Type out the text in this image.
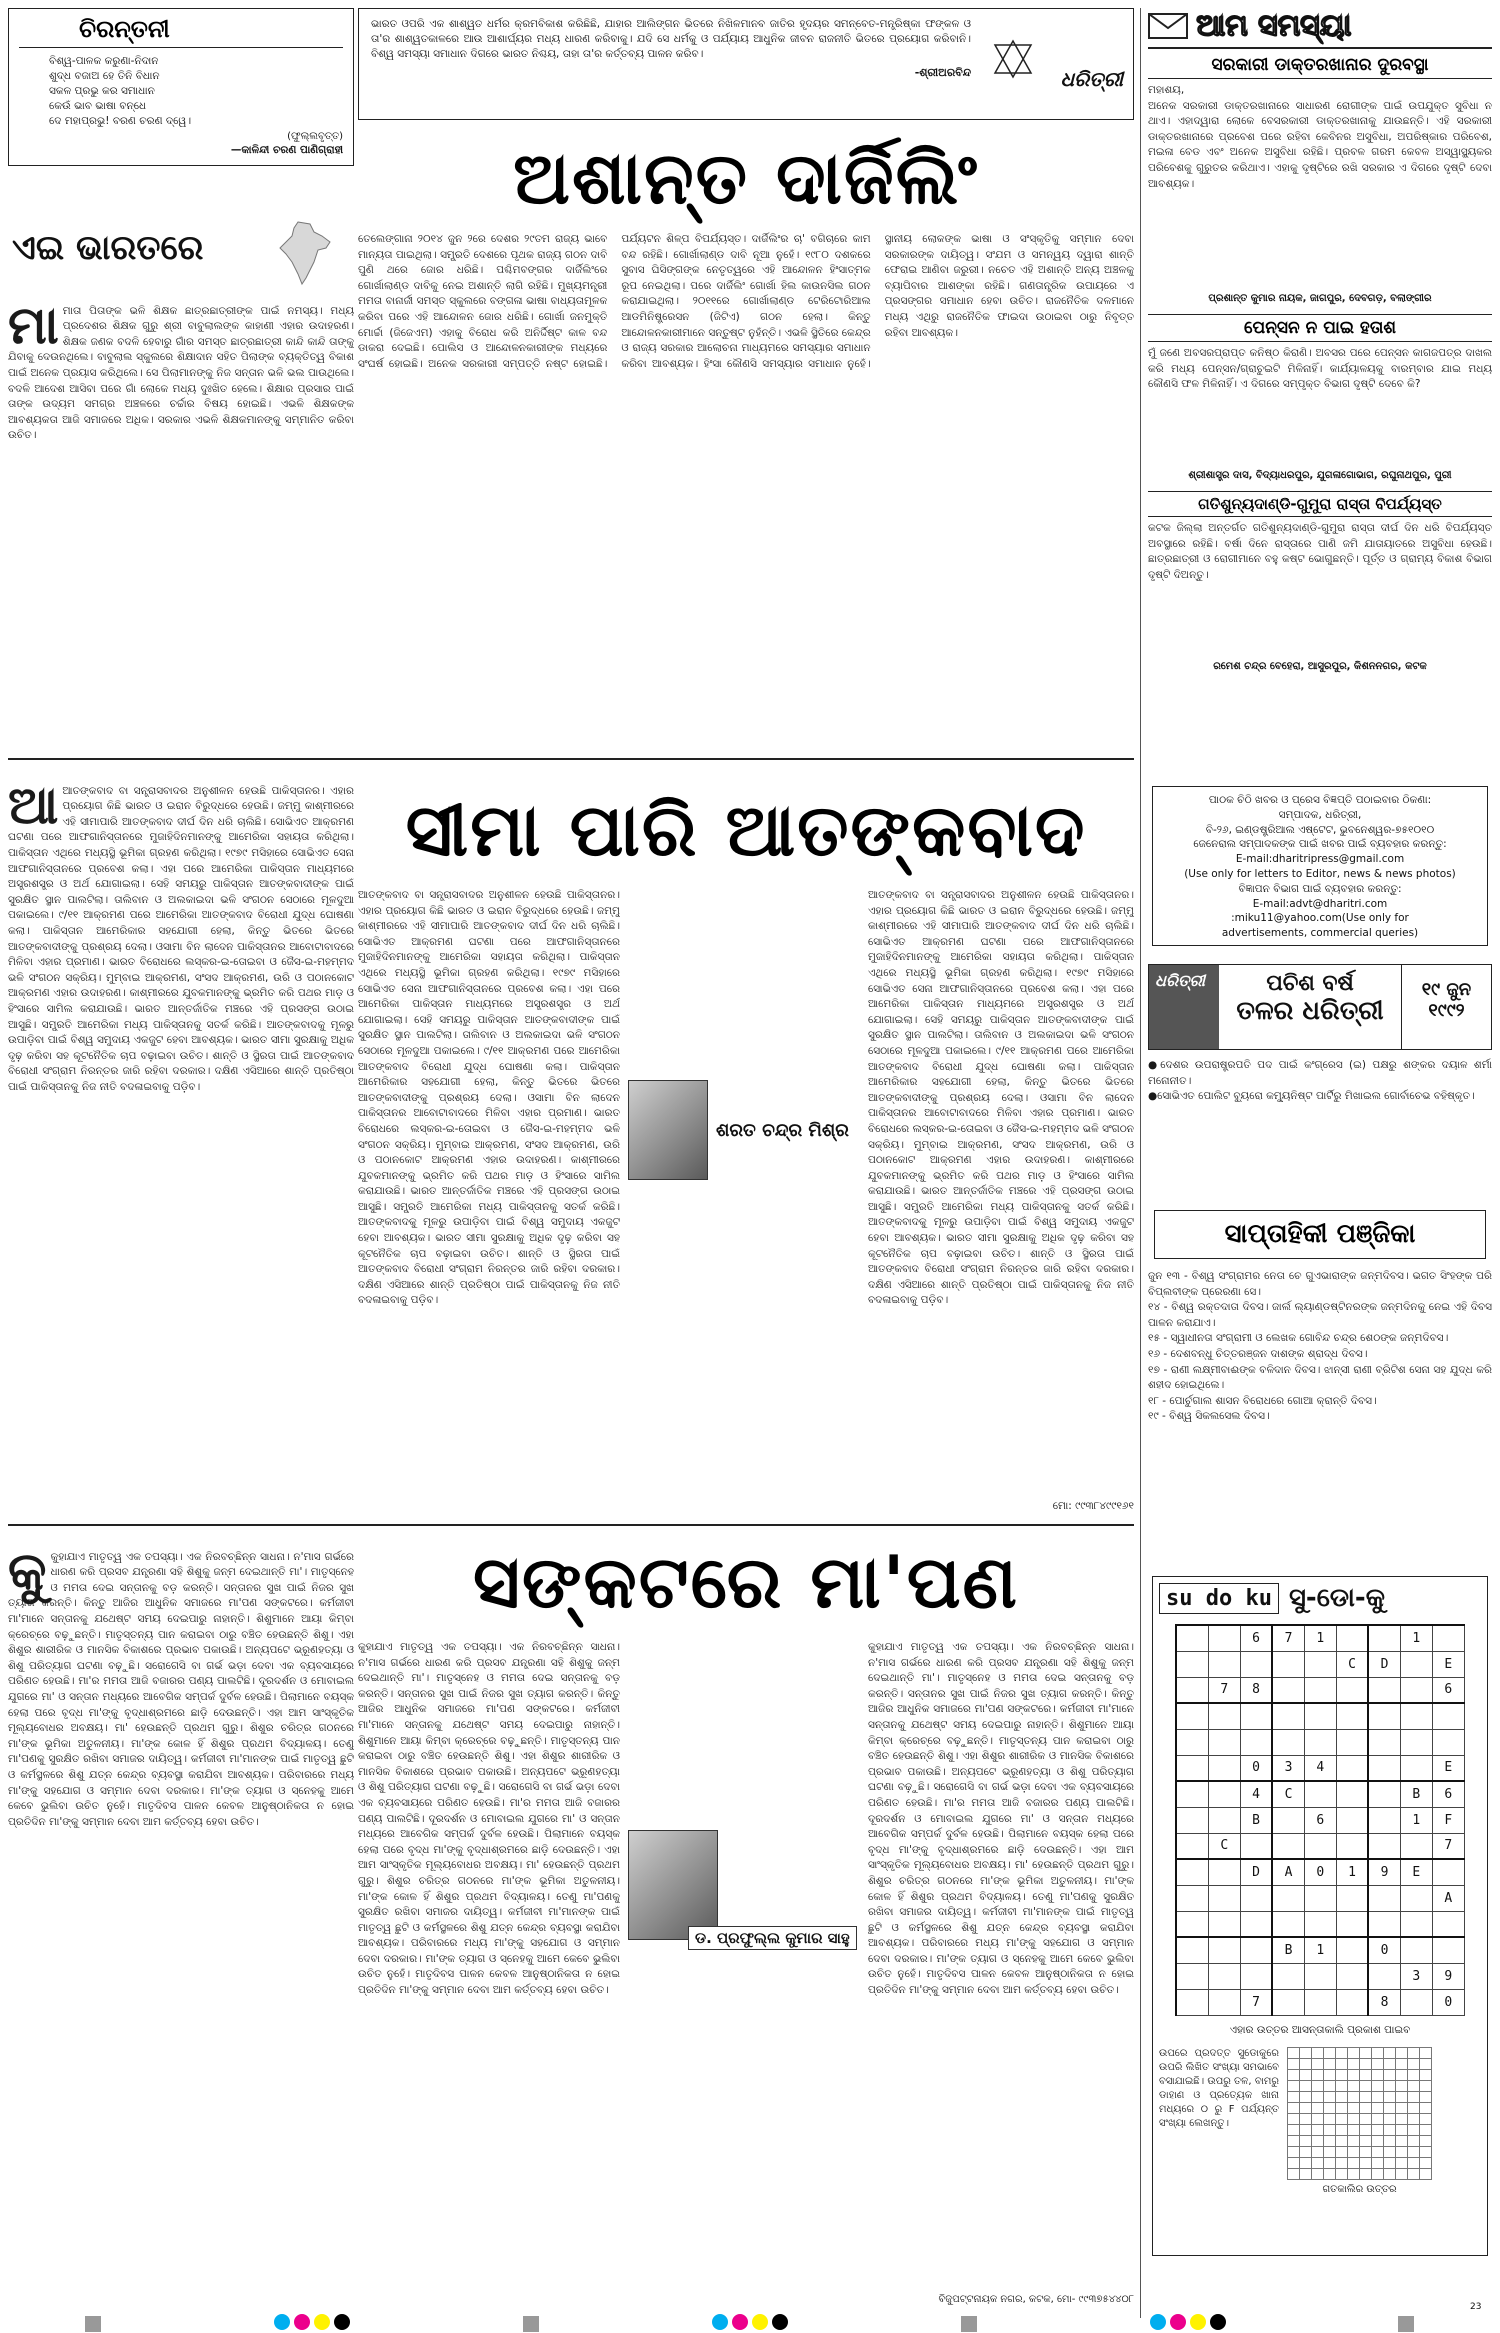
ଚିରନ୍ତନୀ
ବିଶ୍ୱ-ପାଳକ କରୁଣା-ନିଦାନ
ଶୁଦ୍ଧ ବଜାଅ ହେ ତିନି ବିଧାନ
ସକଳ ପ୍ରଭୁ କର ସମାଧାନ
କେଉଁ ଭାବ ଭାଷା ବନ୍ଧେ
ଦେ ମହାପ୍ରଭୁ! ବରଣ ଚରଣ ଦ୍ୱେ।
(ଫୁଲ୍ଲବୃତ୍ତ)
—କାଳିନ୍ଦୀ ଚରଣ ପାଣିଗ୍ରାହୀ
ଭାରତ ଓପରି ଏକ ଶାଶ୍ୱତ ଧର୍ମର କ୍ରମବିକାଶ କରିଛିଛି, ଯାହାର ଆଲିଙ୍ଗନ ଭିତରେ ନିଖିଳମାନବ ଜାତିର ହୃଦୟର ସମନ୍ବେତ-ମନ୍ତ୍ରିଷ୍କା ଫଙ୍କଳ ଓ ତା'ର ଶାଶ୍ୱତକାଳରେ ଆଉ ଆଶାର୍ଘ୍ୟର ମଧ୍ୟ ଧାରଣ କରିବାକୁ। ଯଦି ସେ ଧର୍ମକୁ ଓ ପର୍ଯ୍ୟାୟ ଆଧୁନିକ ଜୀବନ ରାଜନୀତି ଭିତରେ ପ୍ରୟୋଗ କରିବାନି। ବିଶ୍ୱ ସମସ୍ୟା ସମାଧାନ ଦିଗରେ ଭାରତ ନିଶ୍ଚୟ, ତାହା ତା'ର କର୍ତ୍ତବ୍ୟ ପାଳନ କରିବ।
-ଶ୍ରୀଅରବିନ୍ଦ	ଧରିତ୍ରୀ
ଅଶାନ୍ତ ଦାର୍ଜିଲିଂ
ଏଇ ଭାରତରେ

ମାମାତା ପିତାଙ୍କ ଭଳି ଶିକ୍ଷକ ଛାତ୍ରଛାତ୍ରୀଙ୍କ ପାଇଁ ନମସ୍ୟ। ମଧ୍ୟ ପ୍ରଦେଶର ଶିକ୍ଷକ ଗୁରୁ ଶ୍ରୀ ବାବୁଲାଲଙ୍କ କାହାଣୀ ଏହାର ଉଦାହରଣ। ଶିକ୍ଷକ ଜଣକ ବଦଳି ହେବାରୁ ଗାଁର ସମସ୍ତ ଛାତ୍ରଛାତ୍ରୀ କାନ୍ଦି କାନ୍ଦି ତାଙ୍କୁ ଯିବାକୁ ଦେଉନଥିଲେ। ବାବୁଲାଲ ସ୍କୁଲରେ ଶିକ୍ଷାଦାନ ସହିତ ପିଲାଙ୍କ ବ୍ୟକ୍ତିତ୍ୱ ବିକାଶ ପାଇଁ ଅନେକ ପ୍ରୟାସ କରିଥିଲେ। ସେ ପିଲାମାନଙ୍କୁ ନିଜ ସନ୍ତାନ ଭଳି ଭଲ ପାଉଥିଲେ। ବଦଳି ଆଦେଶ ଆସିବା ପରେ ଗାଁ ଲୋକେ ମଧ୍ୟ ଦୁଃଖିତ ହେଲେ। ଶିକ୍ଷାର ପ୍ରସାର ପାଇଁ ତାଙ୍କ ଉଦ୍ୟମ ସମଗ୍ର ଅଞ୍ଚଳରେ ଚର୍ଚ୍ଚାର ବିଷୟ ହୋଇଛି। ଏଭଳି ଶିକ୍ଷକଙ୍କ ଆବଶ୍ୟକତା ଆଜି ସମାଜରେ ଅଧିକ। ସରକାର ଏଭଳି ଶିକ୍ଷକମାନଙ୍କୁ ସମ୍ମାନିତ କରିବା ଉଚିତ।

ତେଲେଙ୍ଗାନା ୨୦୧୪ ଜୁନ ୨ରେ ଦେଶର ୨୯ତମ ରାଜ୍ୟ ଭାବେ ମାନ୍ୟତା ପାଇଥିଲା। ସମ୍ପ୍ରତି ଦେଶରେ ପୃଥକ ରାଜ୍ୟ ଗଠନ ଦାବି ପୁଣି ଥରେ ଜୋର ଧରିଛି। ପଶ୍ଚିମବଙ୍ଗର ଦାର୍ଜିଲିଂରେ ଗୋର୍ଖାଲାଣ୍ଡ ଦାବିକୁ ନେଇ ଅଶାନ୍ତି ଲାଗି ରହିଛି। ମୁଖ୍ୟମନ୍ତ୍ରୀ ମମତା ବାନାର୍ଜୀ ସମସ୍ତ ସ୍କୁଲରେ ବଙ୍ଗଳା ଭାଷା ବାଧ୍ୟତାମୂଳକ କରିବା ପରେ ଏହି ଆନ୍ଦୋଳନ ଜୋର ଧରିଛି। ଗୋର୍ଖା ଜନମୁକ୍ତି ମୋର୍ଚ୍ଚା (ଜିଜେଏମ) ଏହାକୁ ବିରୋଧ କରି ଅନିର୍ଦ୍ଦିଷ୍ଟ କାଳ ବନ୍ଦ ଡାକରା ଦେଇଛି। ପୋଲିସ ଓ ଆନ୍ଦୋଳନକାରୀଙ୍କ ମଧ୍ୟରେ ସଂଘର୍ଷ ହୋଇଛି। ଅନେକ ସରକାରୀ ସମ୍ପତ୍ତି ନଷ୍ଟ ହୋଇଛି। ପର୍ଯ୍ୟଟନ ଶିଳ୍ପ ବିପର୍ଯ୍ୟସ୍ତ। ଦାର୍ଜିଲିଂର ଚା' ବଗିଚାରେ କାମ ବନ୍ଦ ରହିଛି। ଗୋର୍ଖାଲାଣ୍ଡ ଦାବି ନୂଆ ନୁହେଁ। ୧୯୮୦ ଦଶକରେ ସୁବାସ ଘିସିଙ୍ଗଙ୍କ ନେତୃତ୍ୱରେ ଏହି ଆନ୍ଦୋଳନ ହିଂସାତ୍ମକ ରୂପ ନେଇଥିଲା। ପରେ ଦାର୍ଜିଲିଂ ଗୋର୍ଖା ହିଲ କାଉନସିଲ ଗଠନ କରାଯାଇଥିଲା। ୨୦୧୧ରେ ଗୋର୍ଖାଲାଣ୍ଡ ଟେରିଟୋରିଆଲ ଆଡମିନିଷ୍ଟ୍ରେସନ (ଜିଟିଏ) ଗଠନ ହେଲା। କିନ୍ତୁ ଆନ୍ଦୋଳନକାରୀମାନେ ସନ୍ତୁଷ୍ଟ ନୁହଁନ୍ତି। ଏଭଳି ସ୍ଥିତିରେ କେନ୍ଦ୍ର ଓ ରାଜ୍ୟ ସରକାର ଆଲୋଚନା ମାଧ୍ୟମରେ ସମସ୍ୟାର ସମାଧାନ କରିବା ଆବଶ୍ୟକ। ହିଂସା କୌଣସି ସମସ୍ୟାର ସମାଧାନ ନୁହେଁ। ସ୍ଥାନୀୟ ଲୋକଙ୍କ ଭାଷା ଓ ସଂସ୍କୃତିକୁ ସମ୍ମାନ ଦେବା ସରକାରଙ୍କ ଦାୟିତ୍ୱ। ସଂଯମ ଓ ସମନ୍ୱୟ ଦ୍ୱାରା ଶାନ୍ତି ଫେରାଇ ଆଣିବା ଜରୁରୀ। ନଚେତ ଏହି ଅଶାନ୍ତି ଅନ୍ୟ ଅଞ୍ଚଳକୁ ବ୍ୟାପିବାର ଆଶଙ୍କା ରହିଛି। ଗଣତାନ୍ତ୍ରିକ ଉପାୟରେ ଏ ପ୍ରସଙ୍ଗର ସମାଧାନ ହେବା ଉଚିତ। ରାଜନୈତିକ ଦଳମାନେ ମଧ୍ୟ ଏଥିରୁ ରାଜନୈତିକ ଫାଇଦା ଉଠାଇବା ଠାରୁ ନିବୃତ୍ତ ରହିବା ଆବଶ୍ୟକ।

ଆଆତଙ୍କବାଦ ବା ସନ୍ତ୍ରାସବାଦର ଅନୁଶୀଳନ ହେଉଛି ପାକିସ୍ତାନର। ଏହାର ପ୍ରୟୋଗ କିଛି ଭାରତ ଓ ଇରାନ ବିରୁଦ୍ଧରେ ହେଉଛି। ଜମ୍ମୁ କାଶ୍ମୀରରେ ଏହି ସୀମାପାରି ଆତଙ୍କବାଦ ଦୀର୍ଘ ଦିନ ଧରି ଚାଲିଛି। ସୋଭିଏତ ଆକ୍ରମଣ ଘଟଣା ପରେ ଆଫଗାନିସ୍ତାନରେ ମୁଜାହିଦିନମାନଙ୍କୁ ଆମେରିକା ସହାୟତା କରିଥିଲା। ପାକିସ୍ତାନ ଏଥିରେ ମଧ୍ୟସ୍ଥି ଭୂମିକା ଗ୍ରହଣ କରିଥିଲା। ୧୯୭୯ ମସିହାରେ ସୋଭିଏତ ସେନା ଆଫଗାନିସ୍ତାନରେ ପ୍ରବେଶ କଲା। ଏହା ପରେ ଆମେରିକା ପାକିସ୍ତାନ ମାଧ୍ୟମରେ ଅସ୍ତ୍ରଶସ୍ତ୍ର ଓ ଅର୍ଥ ଯୋଗାଇଲା। ସେହି ସମୟରୁ ପାକିସ୍ତାନ ଆତଙ୍କବାଦୀଙ୍କ ପାଇଁ ସୁରକ୍ଷିତ ସ୍ଥାନ ପାଲଟିଲା। ତାଲିବାନ ଓ ଅଲକାଇଦା ଭଳି ସଂଗଠନ ସେଠାରେ ମୂଳଦୁଆ ପକାଇଲେ। ୯/୧୧ ଆକ୍ରମଣ ପରେ ଆମେରିକା ଆତଙ୍କବାଦ ବିରୋଧୀ ଯୁଦ୍ଧ ଘୋଷଣା କଲା। ପାକିସ୍ତାନ ଆମେରିକାର ସହଯୋଗୀ ହେଲା, କିନ୍ତୁ ଭିତରେ ଭିତରେ ଆତଙ୍କବାଦୀଙ୍କୁ ପ୍ରଶ୍ରୟ ଦେଲା। ଓସାମା ବିନ ଲାଦେନ ପାକିସ୍ତାନର ଆବୋଟାବାଦରେ ମିଳିବା ଏହାର ପ୍ରମାଣ। ଭାରତ ବିରୋଧରେ ଲସ୍କର-ଇ-ତୋଇବା ଓ ଜୈସ-ଇ-ମହମ୍ମଦ ଭଳି ସଂଗଠନ ସକ୍ରିୟ। ମୁମ୍ବାଇ ଆକ୍ରମଣ, ସଂସଦ ଆକ୍ରମଣ, ଉରି ଓ ପଠାନକୋଟ ଆକ୍ରମଣ ଏହାର ଉଦାହରଣ। କାଶ୍ମୀରରେ ଯୁବକମାନଙ୍କୁ ଭ୍ରମିତ କରି ପଥର ମାଡ଼ ଓ ହିଂସାରେ ସାମିଲ କରାଯାଉଛି। ଭାରତ ଆନ୍ତର୍ଜାତିକ ମଞ୍ଚରେ ଏହି ପ୍ରସଙ୍ଗ ଉଠାଇ ଆସୁଛି। ସମ୍ପ୍ରତି ଆମେରିକା ମଧ୍ୟ ପାକିସ୍ତାନକୁ ସତର୍କ କରିଛି। ଆତଙ୍କବାଦକୁ ମୂଳରୁ ଉପାଡ଼ିବା ପାଇଁ ବିଶ୍ୱ ସମୁଦାୟ ଏକଜୁଟ ହେବା ଆବଶ୍ୟକ। ଭାରତ ସୀମା ସୁରକ୍ଷାକୁ ଅଧିକ ଦୃଢ଼ କରିବା ସହ କୂଟନୈତିକ ଚାପ ବଢ଼ାଇବା ଉଚିତ। ଶାନ୍ତି ଓ ସ୍ଥିରତା ପାଇଁ ଆତଙ୍କବାଦ ବିରୋଧୀ ସଂଗ୍ରାମ ନିରନ୍ତର ଜାରି ରହିବା ଦରକାର। ଦକ୍ଷିଣ ଏସିଆରେ ଶାନ୍ତି ପ୍ରତିଷ୍ଠା ପାଇଁ ପାକିସ୍ତାନକୁ ନିଜ ନୀତି ବଦଳାଇବାକୁ ପଡ଼ିବ।

ସୀମା ପାରି ଆତଙ୍କବାଦ
ଆତଙ୍କବାଦ ବା ସନ୍ତ୍ରାସବାଦର ଅନୁଶୀଳନ ହେଉଛି ପାକିସ୍ତାନର। ଏହାର ପ୍ରୟୋଗ କିଛି ଭାରତ ଓ ଇରାନ ବିରୁଦ୍ଧରେ ହେଉଛି। ଜମ୍ମୁ କାଶ୍ମୀରରେ ଏହି ସୀମାପାରି ଆତଙ୍କବାଦ ଦୀର୍ଘ ଦିନ ଧରି ଚାଲିଛି। ସୋଭିଏତ ଆକ୍ରମଣ ଘଟଣା ପରେ ଆଫଗାନିସ୍ତାନରେ ମୁଜାହିଦିନମାନଙ୍କୁ ଆମେରିକା ସହାୟତା କରିଥିଲା। ପାକିସ୍ତାନ ଏଥିରେ ମଧ୍ୟସ୍ଥି ଭୂମିକା ଗ୍ରହଣ କରିଥିଲା। ୧୯୭୯ ମସିହାରେ ସୋଭିଏତ ସେନା ଆଫଗାନିସ୍ତାନରେ ପ୍ରବେଶ କଲା। ଏହା ପରେ ଆମେରିକା ପାକିସ୍ତାନ ମାଧ୍ୟମରେ ଅସ୍ତ୍ରଶସ୍ତ୍ର ଓ ଅର୍ଥ ଯୋଗାଇଲା। ସେହି ସମୟରୁ ପାକିସ୍ତାନ ଆତଙ୍କବାଦୀଙ୍କ ପାଇଁ ସୁରକ୍ଷିତ ସ୍ଥାନ ପାଲଟିଲା। ତାଲିବାନ ଓ ଅଲକାଇଦା ଭଳି ସଂଗଠନ ସେଠାରେ ମୂଳଦୁଆ ପକାଇଲେ। ୯/୧୧ ଆକ୍ରମଣ ପରେ ଆମେରିକା ଆତଙ୍କବାଦ ବିରୋଧୀ ଯୁଦ୍ଧ ଘୋଷଣା କଲା। ପାକିସ୍ତାନ ଆମେରିକାର ସହଯୋଗୀ ହେଲା, କିନ୍ତୁ ଭିତରେ ଭିତରେ ଆତଙ୍କବାଦୀଙ୍କୁ ପ୍ରଶ୍ରୟ ଦେଲା। ଓସାମା ବିନ ଲାଦେନ ପାକିସ୍ତାନର ଆବୋଟାବାଦରେ ମିଳିବା ଏହାର ପ୍ରମାଣ। ଭାରତ ବିରୋଧରେ ଲସ୍କର-ଇ-ତୋଇବା ଓ ଜୈସ-ଇ-ମହମ୍ମଦ ଭଳି ସଂଗଠନ ସକ୍ରିୟ। ମୁମ୍ବାଇ ଆକ୍ରମଣ, ସଂସଦ ଆକ୍ରମଣ, ଉରି ଓ ପଠାନକୋଟ ଆକ୍ରମଣ ଏହାର ଉଦାହରଣ। କାଶ୍ମୀରରେ ଯୁବକମାନଙ୍କୁ ଭ୍ରମିତ କରି ପଥର ମାଡ଼ ଓ ହିଂସାରେ ସାମିଲ କରାଯାଉଛି। ଭାରତ ଆନ୍ତର୍ଜାତିକ ମଞ୍ଚରେ ଏହି ପ୍ରସଙ୍ଗ ଉଠାଇ ଆସୁଛି। ସମ୍ପ୍ରତି ଆମେରିକା ମଧ୍ୟ ପାକିସ୍ତାନକୁ ସତର୍କ କରିଛି। ଆତଙ୍କବାଦକୁ ମୂଳରୁ ଉପାଡ଼ିବା ପାଇଁ ବିଶ୍ୱ ସମୁଦାୟ ଏକଜୁଟ ହେବା ଆବଶ୍ୟକ। ଭାରତ ସୀମା ସୁରକ୍ଷାକୁ ଅଧିକ ଦୃଢ଼ କରିବା ସହ କୂଟନୈତିକ ଚାପ ବଢ଼ାଇବା ଉଚିତ। ଶାନ୍ତି ଓ ସ୍ଥିରତା ପାଇଁ ଆତଙ୍କବାଦ ବିରୋଧୀ ସଂଗ୍ରାମ ନିରନ୍ତର ଜାରି ରହିବା ଦରକାର। ଦକ୍ଷିଣ ଏସିଆରେ ଶାନ୍ତି ପ୍ରତିଷ୍ଠା ପାଇଁ ପାକିସ୍ତାନକୁ ନିଜ ନୀତି ବଦଳାଇବାକୁ ପଡ଼ିବ।
ଶରତ ଚନ୍ଦ୍ର ମିଶ୍ର
ଆତଙ୍କବାଦ ବା ସନ୍ତ୍ରାସବାଦର ଅନୁଶୀଳନ ହେଉଛି ପାକିସ୍ତାନର। ଏହାର ପ୍ରୟୋଗ କିଛି ଭାରତ ଓ ଇରାନ ବିରୁଦ୍ଧରେ ହେଉଛି। ଜମ୍ମୁ କାଶ୍ମୀରରେ ଏହି ସୀମାପାରି ଆତଙ୍କବାଦ ଦୀର୍ଘ ଦିନ ଧରି ଚାଲିଛି। ସୋଭିଏତ ଆକ୍ରମଣ ଘଟଣା ପରେ ଆଫଗାନିସ୍ତାନରେ ମୁଜାହିଦିନମାନଙ୍କୁ ଆମେରିକା ସହାୟତା କରିଥିଲା। ପାକିସ୍ତାନ ଏଥିରେ ମଧ୍ୟସ୍ଥି ଭୂମିକା ଗ୍ରହଣ କରିଥିଲା। ୧୯୭୯ ମସିହାରେ ସୋଭିଏତ ସେନା ଆଫଗାନିସ୍ତାନରେ ପ୍ରବେଶ କଲା। ଏହା ପରେ ଆମେରିକା ପାକିସ୍ତାନ ମାଧ୍ୟମରେ ଅସ୍ତ୍ରଶସ୍ତ୍ର ଓ ଅର୍ଥ ଯୋଗାଇଲା। ସେହି ସମୟରୁ ପାକିସ୍ତାନ ଆତଙ୍କବାଦୀଙ୍କ ପାଇଁ ସୁରକ୍ଷିତ ସ୍ଥାନ ପାଲଟିଲା। ତାଲିବାନ ଓ ଅଲକାଇଦା ଭଳି ସଂଗଠନ ସେଠାରେ ମୂଳଦୁଆ ପକାଇଲେ। ୯/୧୧ ଆକ୍ରମଣ ପରେ ଆମେରିକା ଆତଙ୍କବାଦ ବିରୋଧୀ ଯୁଦ୍ଧ ଘୋଷଣା କଲା। ପାକିସ୍ତାନ ଆମେରିକାର ସହଯୋଗୀ ହେଲା, କିନ୍ତୁ ଭିତରେ ଭିତରେ ଆତଙ୍କବାଦୀଙ୍କୁ ପ୍ରଶ୍ରୟ ଦେଲା। ଓସାମା ବିନ ଲାଦେନ ପାକିସ୍ତାନର ଆବୋଟାବାଦରେ ମିଳିବା ଏହାର ପ୍ରମାଣ। ଭାରତ ବିରୋଧରେ ଲସ୍କର-ଇ-ତୋଇବା ଓ ଜୈସ-ଇ-ମହମ୍ମଦ ଭଳି ସଂଗଠନ ସକ୍ରିୟ। ମୁମ୍ବାଇ ଆକ୍ରମଣ, ସଂସଦ ଆକ୍ରମଣ, ଉରି ଓ ପଠାନକୋଟ ଆକ୍ରମଣ ଏହାର ଉଦାହରଣ। କାଶ୍ମୀରରେ ଯୁବକମାନଙ୍କୁ ଭ୍ରମିତ କରି ପଥର ମାଡ଼ ଓ ହିଂସାରେ ସାମିଲ କରାଯାଉଛି। ଭାରତ ଆନ୍ତର୍ଜାତିକ ମଞ୍ଚରେ ଏହି ପ୍ରସଙ୍ଗ ଉଠାଇ ଆସୁଛି। ସମ୍ପ୍ରତି ଆମେରିକା ମଧ୍ୟ ପାକିସ୍ତାନକୁ ସତର୍କ କରିଛି। ଆତଙ୍କବାଦକୁ ମୂଳରୁ ଉପାଡ଼ିବା ପାଇଁ ବିଶ୍ୱ ସମୁଦାୟ ଏକଜୁଟ ହେବା ଆବଶ୍ୟକ। ଭାରତ ସୀମା ସୁରକ୍ଷାକୁ ଅଧିକ ଦୃଢ଼ କରିବା ସହ କୂଟନୈତିକ ଚାପ ବଢ଼ାଇବା ଉଚିତ। ଶାନ୍ତି ଓ ସ୍ଥିରତା ପାଇଁ ଆତଙ୍କବାଦ ବିରୋଧୀ ସଂଗ୍ରାମ ନିରନ୍ତର ଜାରି ରହିବା ଦରକାର। ଦକ୍ଷିଣ ଏସିଆରେ ଶାନ୍ତି ପ୍ରତିଷ୍ଠା ପାଇଁ ପାକିସ୍ତାନକୁ ନିଜ ନୀତି ବଦଳାଇବାକୁ ପଡ଼ିବ।
ମୋ: ୯୯୩୮୪୯୯୧୬୧

କୁକୁହାଯାଏ ମାତୃତ୍ୱ ଏକ ତପସ୍ୟା। ଏକ ନିରବଚ୍ଛିନ୍ନ ସାଧନା। ନ'ମାସ ଗର୍ଭରେ ଧାରଣ କରି ପ୍ରସବ ଯନ୍ତ୍ରଣା ସହି ଶିଶୁକୁ ଜନ୍ମ ଦେଇଥାନ୍ତି ମା'। ମାତୃସ୍ନେହ ଓ ମମତା ଦେଇ ସନ୍ତାନକୁ ବଡ଼ କରନ୍ତି। ସନ୍ତାନର ସୁଖ ପାଇଁ ନିଜର ସୁଖ ତ୍ୟାଗ କରନ୍ତି। କିନ୍ତୁ ଆଜିର ଆଧୁନିକ ସମାଜରେ ମା'ପଣ ସଙ୍କଟରେ। କର୍ମଜୀବୀ ମା'ମାନେ ସନ୍ତାନକୁ ଯଥେଷ୍ଟ ସମୟ ଦେଇପାରୁ ନାହାନ୍ତି। ଶିଶୁମାନେ ଆୟା କିମ୍ବା କ୍ରେଚ୍‌ରେ ବଢ଼ୁଛନ୍ତି। ମାତୃସ୍ତନ୍ୟ ପାନ କରାଇବା ଠାରୁ ବଞ୍ଚିତ ହେଉଛନ୍ତି ଶିଶୁ। ଏହା ଶିଶୁର ଶାରୀରିକ ଓ ମାନସିକ ବିକାଶରେ ପ୍ରଭାବ ପକାଉଛି। ଅନ୍ୟପଟେ ଭ୍ରୂଣହତ୍ୟା ଓ ଶିଶୁ ପରିତ୍ୟାଗ ଘଟଣା ବଢ଼ୁଛି। ସରୋଗେସି ବା ଗର୍ଭ ଭଡ଼ା ଦେବା ଏକ ବ୍ୟବସାୟରେ ପରିଣତ ହେଉଛି। ମା'ର ମମତା ଆଜି ବଜାରର ପଣ୍ୟ ପାଲଟିଛି। ଦୂରଦର୍ଶନ ଓ ମୋବାଇଲ ଯୁଗରେ ମା' ଓ ସନ୍ତାନ ମଧ୍ୟରେ ଆବେଗିକ ସମ୍ପର୍କ ଦୁର୍ବଳ ହେଉଛି। ପିଲାମାନେ ବୟସ୍କ ହେଲା ପରେ ବୃଦ୍ଧ ମା'ଙ୍କୁ ବୃଦ୍ଧାଶ୍ରମରେ ଛାଡ଼ି ଦେଉଛନ୍ତି। ଏହା ଆମ ସାଂସ୍କୃତିକ ମୂଲ୍ୟବୋଧର ଅବକ୍ଷୟ। ମା' ହେଉଛନ୍ତି ପ୍ରଥମ ଗୁରୁ। ଶିଶୁର ଚରିତ୍ର ଗଠନରେ ମା'ଙ୍କ ଭୂମିକା ଅତୁଳନୀୟ। ମା'ଙ୍କ କୋଳ ହିଁ ଶିଶୁର ପ୍ରଥମ ବିଦ୍ୟାଳୟ। ତେଣୁ ମା'ପଣକୁ ସୁରକ୍ଷିତ ରଖିବା ସମାଜର ଦାୟିତ୍ୱ। କର୍ମଜୀବୀ ମା'ମାନଙ୍କ ପାଇଁ ମାତୃତ୍ୱ ଛୁଟି ଓ କର୍ମସ୍ଥଳରେ ଶିଶୁ ଯତ୍ନ କେନ୍ଦ୍ର ବ୍ୟବସ୍ଥା କରାଯିବା ଆବଶ୍ୟକ। ପରିବାରରେ ମଧ୍ୟ ମା'ଙ୍କୁ ସହଯୋଗ ଓ ସମ୍ମାନ ଦେବା ଦରକାର। ମା'ଙ୍କ ତ୍ୟାଗ ଓ ସ୍ନେହକୁ ଆମେ କେବେ ଭୁଲିବା ଉଚିତ ନୁହେଁ। ମାତୃଦିବସ ପାଳନ କେବଳ ଆନୁଷ୍ଠାନିକତା ନ ହୋଇ ପ୍ରତିଦିନ ମା'ଙ୍କୁ ସମ୍ମାନ ଦେବା ଆମ କର୍ତ୍ତବ୍ୟ ହେବା ଉଚିତ।

ସଙ୍କଟରେ ମା'ପଣ
କୁହାଯାଏ ମାତୃତ୍ୱ ଏକ ତପସ୍ୟା। ଏକ ନିରବଚ୍ଛିନ୍ନ ସାଧନା। ନ'ମାସ ଗର୍ଭରେ ଧାରଣ କରି ପ୍ରସବ ଯନ୍ତ୍ରଣା ସହି ଶିଶୁକୁ ଜନ୍ମ ଦେଇଥାନ୍ତି ମା'। ମାତୃସ୍ନେହ ଓ ମମତା ଦେଇ ସନ୍ତାନକୁ ବଡ଼ କରନ୍ତି। ସନ୍ତାନର ସୁଖ ପାଇଁ ନିଜର ସୁଖ ତ୍ୟାଗ କରନ୍ତି। କିନ୍ତୁ ଆଜିର ଆଧୁନିକ ସମାଜରେ ମା'ପଣ ସଙ୍କଟରେ। କର୍ମଜୀବୀ ମା'ମାନେ ସନ୍ତାନକୁ ଯଥେଷ୍ଟ ସମୟ ଦେଇପାରୁ ନାହାନ୍ତି। ଶିଶୁମାନେ ଆୟା କିମ୍ବା କ୍ରେଚ୍‌ରେ ବଢ଼ୁଛନ୍ତି। ମାତୃସ୍ତନ୍ୟ ପାନ କରାଇବା ଠାରୁ ବଞ୍ଚିତ ହେଉଛନ୍ତି ଶିଶୁ। ଏହା ଶିଶୁର ଶାରୀରିକ ଓ ମାନସିକ ବିକାଶରେ ପ୍ରଭାବ ପକାଉଛି। ଅନ୍ୟପଟେ ଭ୍ରୂଣହତ୍ୟା ଓ ଶିଶୁ ପରିତ୍ୟାଗ ଘଟଣା ବଢ଼ୁଛି। ସରୋଗେସି ବା ଗର୍ଭ ଭଡ଼ା ଦେବା ଏକ ବ୍ୟବସାୟରେ ପରିଣତ ହେଉଛି। ମା'ର ମମତା ଆଜି ବଜାରର ପଣ୍ୟ ପାଲଟିଛି। ଦୂରଦର୍ଶନ ଓ ମୋବାଇଲ ଯୁଗରେ ମା' ଓ ସନ୍ତାନ ମଧ୍ୟରେ ଆବେଗିକ ସମ୍ପର୍କ ଦୁର୍ବଳ ହେଉଛି। ପିଲାମାନେ ବୟସ୍କ ହେଲା ପରେ ବୃଦ୍ଧ ମା'ଙ୍କୁ ବୃଦ୍ଧାଶ୍ରମରେ ଛାଡ଼ି ଦେଉଛନ୍ତି। ଏହା ଆମ ସାଂସ୍କୃତିକ ମୂଲ୍ୟବୋଧର ଅବକ୍ଷୟ। ମା' ହେଉଛନ୍ତି ପ୍ରଥମ ଗୁରୁ। ଶିଶୁର ଚରିତ୍ର ଗଠନରେ ମା'ଙ୍କ ଭୂମିକା ଅତୁଳନୀୟ। ମା'ଙ୍କ କୋଳ ହିଁ ଶିଶୁର ପ୍ରଥମ ବିଦ୍ୟାଳୟ। ତେଣୁ ମା'ପଣକୁ ସୁରକ୍ଷିତ ରଖିବା ସମାଜର ଦାୟିତ୍ୱ। କର୍ମଜୀବୀ ମା'ମାନଙ୍କ ପାଇଁ ମାତୃତ୍ୱ ଛୁଟି ଓ କର୍ମସ୍ଥଳରେ ଶିଶୁ ଯତ୍ନ କେନ୍ଦ୍ର ବ୍ୟବସ୍ଥା କରାଯିବା ଆବଶ୍ୟକ। ପରିବାରରେ ମଧ୍ୟ ମା'ଙ୍କୁ ସହଯୋଗ ଓ ସମ୍ମାନ ଦେବା ଦରକାର। ମା'ଙ୍କ ତ୍ୟାଗ ଓ ସ୍ନେହକୁ ଆମେ କେବେ ଭୁଲିବା ଉଚିତ ନୁହେଁ। ମାତୃଦିବସ ପାଳନ କେବଳ ଆନୁଷ୍ଠାନିକତା ନ ହୋଇ ପ୍ରତିଦିନ ମା'ଙ୍କୁ ସମ୍ମାନ ଦେବା ଆମ କର୍ତ୍ତବ୍ୟ ହେବା ଉଚିତ।
ଡ. ପ୍ରଫୁଲ୍ଲ କୁମାର ସାହୁ
କୁହାଯାଏ ମାତୃତ୍ୱ ଏକ ତପସ୍ୟା। ଏକ ନିରବଚ୍ଛିନ୍ନ ସାଧନା। ନ'ମାସ ଗର୍ଭରେ ଧାରଣ କରି ପ୍ରସବ ଯନ୍ତ୍ରଣା ସହି ଶିଶୁକୁ ଜନ୍ମ ଦେଇଥାନ୍ତି ମା'। ମାତୃସ୍ନେହ ଓ ମମତା ଦେଇ ସନ୍ତାନକୁ ବଡ଼ କରନ୍ତି। ସନ୍ତାନର ସୁଖ ପାଇଁ ନିଜର ସୁଖ ତ୍ୟାଗ କରନ୍ତି। କିନ୍ତୁ ଆଜିର ଆଧୁନିକ ସମାଜରେ ମା'ପଣ ସଙ୍କଟରେ। କର୍ମଜୀବୀ ମା'ମାନେ ସନ୍ତାନକୁ ଯଥେଷ୍ଟ ସମୟ ଦେଇପାରୁ ନାହାନ୍ତି। ଶିଶୁମାନେ ଆୟା କିମ୍ବା କ୍ରେଚ୍‌ରେ ବଢ଼ୁଛନ୍ତି। ମାତୃସ୍ତନ୍ୟ ପାନ କରାଇବା ଠାରୁ ବଞ୍ଚିତ ହେଉଛନ୍ତି ଶିଶୁ। ଏହା ଶିଶୁର ଶାରୀରିକ ଓ ମାନସିକ ବିକାଶରେ ପ୍ରଭାବ ପକାଉଛି। ଅନ୍ୟପଟେ ଭ୍ରୂଣହତ୍ୟା ଓ ଶିଶୁ ପରିତ୍ୟାଗ ଘଟଣା ବଢ଼ୁଛି। ସରୋଗେସି ବା ଗର୍ଭ ଭଡ଼ା ଦେବା ଏକ ବ୍ୟବସାୟରେ ପରିଣତ ହେଉଛି। ମା'ର ମମତା ଆଜି ବଜାରର ପଣ୍ୟ ପାଲଟିଛି। ଦୂରଦର୍ଶନ ଓ ମୋବାଇଲ ଯୁଗରେ ମା' ଓ ସନ୍ତାନ ମଧ୍ୟରେ ଆବେଗିକ ସମ୍ପର୍କ ଦୁର୍ବଳ ହେଉଛି। ପିଲାମାନେ ବୟସ୍କ ହେଲା ପରେ ବୃଦ୍ଧ ମା'ଙ୍କୁ ବୃଦ୍ଧାଶ୍ରମରେ ଛାଡ଼ି ଦେଉଛନ୍ତି। ଏହା ଆମ ସାଂସ୍କୃତିକ ମୂଲ୍ୟବୋଧର ଅବକ୍ଷୟ। ମା' ହେଉଛନ୍ତି ପ୍ରଥମ ଗୁରୁ। ଶିଶୁର ଚରିତ୍ର ଗଠନରେ ମା'ଙ୍କ ଭୂମିକା ଅତୁଳନୀୟ। ମା'ଙ୍କ କୋଳ ହିଁ ଶିଶୁର ପ୍ରଥମ ବିଦ୍ୟାଳୟ। ତେଣୁ ମା'ପଣକୁ ସୁରକ୍ଷିତ ରଖିବା ସମାଜର ଦାୟିତ୍ୱ। କର୍ମଜୀବୀ ମା'ମାନଙ୍କ ପାଇଁ ମାତୃତ୍ୱ ଛୁଟି ଓ କର୍ମସ୍ଥଳରେ ଶିଶୁ ଯତ୍ନ କେନ୍ଦ୍ର ବ୍ୟବସ୍ଥା କରାଯିବା ଆବଶ୍ୟକ। ପରିବାରରେ ମଧ୍ୟ ମା'ଙ୍କୁ ସହଯୋଗ ଓ ସମ୍ମାନ ଦେବା ଦରକାର। ମା'ଙ୍କ ତ୍ୟାଗ ଓ ସ୍ନେହକୁ ଆମେ କେବେ ଭୁଲିବା ଉଚିତ ନୁହେଁ। ମାତୃଦିବସ ପାଳନ କେବଳ ଆନୁଷ୍ଠାନିକତା ନ ହୋଇ ପ୍ରତିଦିନ ମା'ଙ୍କୁ ସମ୍ମାନ ଦେବା ଆମ କର୍ତ୍ତବ୍ୟ ହେବା ଉଚିତ।
ବିଜୁପଟ୍ଟନାୟକ ନଗର, କଟକ, ମୋ- ୯୯୩୭୫୪୪୦୮
ଆମ ସମସ୍ୟା
ସରକାରୀ ଡାକ୍ତରଖାନାର ଦୁରବସ୍ଥା
ମହାଶୟ,
ଅନେକ ସରକାରୀ ଡାକ୍ତରଖାନାରେ ସାଧାରଣ ରୋଗୀଙ୍କ ପାଇଁ ଉପଯୁକ୍ତ ସୁବିଧା ନ ଥାଏ। ଏହାଦ୍ୱାରା ଲୋକେ ବେସରକାରୀ ଡାକ୍ତରଖାନାକୁ ଯାଉଛନ୍ତି। ଏହି ସରକାରୀ ଡାକ୍ତରଖାନାରେ ପ୍ରବେଶ ପରେ ରହିବା କେବିନର ଅସୁବିଧା, ଅପରିଷ୍କାର ପରିବେଶ, ମଇଳା ବେଡ ଏବଂ ଅନେକ ଅସୁବିଧା ରହିଛି। ପ୍ରବଳ ଗରମ କେବଳ ଅସ୍ୱାସ୍ଥ୍ୟକର ପରିବେଶକୁ ଗୁରୁତର କରିଥାଏ। ଏହାକୁ ଦୃଷ୍ଟିରେ ରଖି ସରକାର ଏ ଦିଗରେ ଦୃଷ୍ଟି ଦେବା ଆବଶ୍ୟକ।
ପ୍ରଶାନ୍ତ କୁମାର ନାୟକ, ଜାଗପୁର, ଦେବଗଡ଼, ବଲାଙ୍ଗୀର
ପେନ୍‌ସନ ନ ପାଇ ହତାଶ
ମୁଁ ଜଣେ ଅବସରପ୍ରାପ୍ତ କନିଷ୍ଠ କିରାଣି। ଅବସର ପରେ ପେନ୍‌ସନ କାଗଜପତ୍ର ଦାଖଲ କରି ମଧ୍ୟ ପେନ୍‌ସନ/ଗ୍ରାଚୁଇଟି ମିଳିନାହିଁ। କାର୍ଯ୍ୟାଳୟକୁ ବାରମ୍ବାର ଯାଇ ମଧ୍ୟ କୌଣସି ଫଳ ମିଳିନାହିଁ। ଏ ଦିଗରେ ସମ୍ପୃକ୍ତ ବିଭାଗ ଦୃଷ୍ଟି ଦେବେ କି?
ଶ୍ରୀଶାସ୍ତ୍ର ଦାସ, ବିଦ୍ୟାଧରପୁର, ଯୁଗଳାଗୋଭାଗ, ରଘୁନାଥପୁର, ପୁରୀ
ଗତିଶୁନ୍ୟଦାଣ୍ଡି-ଗୁମୁରା ରାସ୍ତା ବିପର୍ଯ୍ୟସ୍ତ
କଟକ ଜିଲ୍ଲା ଅନ୍ତର୍ଗତ ଗତିଶୁନ୍ୟଦାଣ୍ଡି-ଗୁମୁରା ରାସ୍ତା ଦୀର୍ଘ ଦିନ ଧରି ବିପର୍ଯ୍ୟସ୍ତ ଅବସ୍ଥାରେ ରହିଛି। ବର୍ଷା ଦିନେ ରାସ୍ତାରେ ପାଣି ଜମି ଯାତାୟାତରେ ଅସୁବିଧା ହେଉଛି। ଛାତ୍ରଛାତ୍ରୀ ଓ ରୋଗୀମାନେ ବହୁ କଷ୍ଟ ଭୋଗୁଛନ୍ତି। ପୂର୍ତ୍ତ ଓ ଗ୍ରାମ୍ୟ ବିକାଶ ବିଭାଗ ଦୃଷ୍ଟି ଦିଅନ୍ତୁ।
ରମେଶ ଚନ୍ଦ୍ର ବେହେରା, ଆସୁରପୁର, କିଶନନଗର, କଟକ
ପାଠକ ଚିଠି ଖବର ଓ ପ୍ରେସ ବିଜ୍ଞପ୍ତି ପଠାଇବାର ଠିକଣା:
ସମ୍ପାଦକ, ଧରିତ୍ରୀ,
ବି-୨୬, ଇଣ୍ଡଷ୍ଟ୍ରିଆଲ ଏଷ୍ଟେଟ, ଭୁବନେଶ୍ୱର-୭୫୧୦୧୦
ଜେନେରାଲ ସମ୍ପାଦକଙ୍କ ପାଇଁ ଖବର ପାଇଁ ବ୍ୟବହାର କରନ୍ତୁ:
E-mail:dharitripress@gmail.com
(Use only for letters to Editor, news & news photos)
ବିଜ୍ଞାପନ ବିଭାଗ ପାଇଁ ବ୍ୟବହାର କରନ୍ତୁ:
E-mail:advt@dharitri.com
:miku11@yahoo.com(Use only for
advertisements, commercial queries)
ଧରିତ୍ରୀ	ପଚିଶ ବର୍ଷ
ତଳର ଧରିତ୍ରୀ
୧୯ ଜୁନ
୧୯୯୨
●ଦେଶର ଉପରାଷ୍ଟ୍ରପତି ପଦ ପାଇଁ କଂଗ୍ରେସ (ଇ) ପକ୍ଷରୁ ଶଙ୍କର ଦୟାଳ ଶର୍ମା ମନୋନୀତ।
●ସୋଭିଏତ ପୋଲିଟ ବ୍ୟୁରୋ କମ୍ୟୁନିଷ୍ଟ ପାର୍ଟିରୁ ମିଖାଇଲ ଗୋର୍ବାଚେଭ ବହିଷ୍କୃତ।
ସାପ୍ତାହିକୀ ପଞ୍ଜିକା
ଜୁନ ୧୩ - ବିଶ୍ୱ ସଂଗ୍ରାମର ନେତା ଚେ ଗୁଏଭାରାଙ୍କ ଜନ୍ମଦିବସ। ଭଗତ ସିଂହଙ୍କ ପରି ବିପ୍ଲବୀଙ୍କ ପ୍ରେରଣା ସେ।
୧୪ - ବିଶ୍ୱ ରକ୍ତଦାତା ଦିବସ। ଜାର୍ଲ ଲ୍ୟାଣ୍ଡଷ୍ଟିନରଙ୍କ ଜନ୍ମଦିନକୁ ନେଇ ଏହି ଦିବସ ପାଳନ କରାଯାଏ।
୧୫ - ସ୍ୱାଧୀନତା ସଂଗ୍ରାମୀ ଓ ଲେଖକ ଗୋବିନ୍ଦ ଚନ୍ଦ୍ର ଶେଠଙ୍କ ଜନ୍ମଦିବସ।
୧୬ - ଦେଶବନ୍ଧୁ ଚିତ୍ତରଞ୍ଜନ ଦାଶଙ୍କ ଶ୍ରାଦ୍ଧ ଦିବସ।
୧୭ - ରାଣୀ ଲକ୍ଷ୍ମୀବାଈଙ୍କ ବଳିଦାନ ଦିବସ। ଝାନ୍ସୀ ରାଣୀ ବ୍ରିଟିଶ ସେନା ସହ ଯୁଦ୍ଧ କରି ଶହୀଦ ହୋଇଥିଲେ।
୧୮ - ପୋର୍ଚୁଗାଲ ଶାସନ ବିରୋଧରେ ଗୋଆ କ୍ରାନ୍ତି ଦିବସ।
୧୯ - ବିଶ୍ୱ ସିକଲସେଲ ଦିବସ।
su do ku ସୁ-ଡୋ-କୁ
		6	7	1			1	
					C	D		E
	7	8						6

		0	3	4				E
		4	C				B	6
		B		6			1	F
	C							7
		D	A	0	1	9	E	
								A

			B	1		0		
							3	9
		7				8		0
ଏହାର ଉତ୍ତର ଆସନ୍ତାକାଲି ପ୍ରକାଶ ପାଇବ
ଉପରେ ପ୍ରଦତ୍ତ ସୁଡୋକୁରେ ଉପରି ଲିଖିତ ସଂଖ୍ୟା ସମଭାବେ ବସାଯାଇଛି। ଉପରୁ ତଳ, ବାମରୁ ଡାହାଣ ଓ ପ୍ରତ୍ୟେକ ଖାନା ମଧ୍ୟରେ ୦ ରୁ F ପର୍ଯ୍ୟନ୍ତ ସଂଖ୍ୟା ଲେଖନ୍ତୁ।

ଗତକାଲିର ଉତ୍ତର
23
